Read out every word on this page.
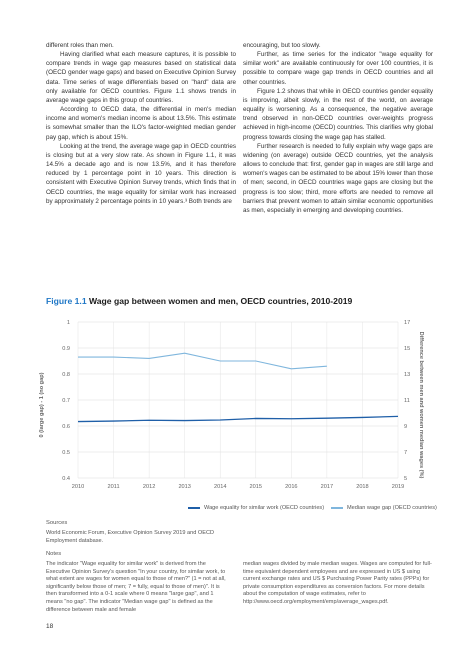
different roles than men.

Having clarified what each measure captures, it is possible to compare trends in wage gap measures based on statistical data (OECD gender wage gaps) and based on Executive Opinion Survey data. Time series of wage differentials based on "hard" data are only available for OECD countries. Figure 1.1 shows trends in average wage gaps in this group of countries.

According to OECD data, the differential in men's median income and women's median income is about 13.5%. This estimate is somewhat smaller than the ILO's factor-weighted median gender pay gap, which is about 15%.

Looking at the trend, the average wage gap in OECD countries is closing but at a very slow rate. As shown in Figure 1.1, it was 14.5% a decade ago and is now 13.5%, and it has therefore reduced by 1 percentage point in 10 years. This direction is consistent with Executive Opinion Survey trends, which finds that in OECD countries, the wage equality for similar work has increased by approximately 2 percentage points in 10 years.³ Both trends are

encouraging, but too slowly.

Further, as time series for the indicator "wage equality for similar work" are available continuously for over 100 countries, it is possible to compare wage gap trends in OECD countries and all other countries.

Figure 1.2 shows that while in OECD countries gender equality is improving, albeit slowly, in the rest of the world, on average equality is worsening. As a consequence, the negative average trend observed in non-OECD countries over-weights progress achieved in high-income (OECD) countries. This clarifies why global progress towards closing the wage gap has stalled.

Further research is needed to fully explain why wage gaps are widening (on average) outside OECD countries, yet the analysis allows to conclude that: first, gender gap in wages are still large and women's wages can be estimated to be about 15% lower than those of men; second, in OECD countries wage gaps are closing but the progress is too slow; third, more efforts are needed to remove all barriers that prevent women to attain similar economic opportunities as men, especially in emerging and developing countries.

Figure 1.1 Wage gap between women and men, OECD countries, 2010-2019

1	17
0.9	15
0.8	13
0.7	11
0.6	9
0.5	7
0.4	5
2010	2011	2012	2013	2014	2015	2016	2017	2018	2019
0 (large gap) - 1 (no gap)	Difference between men and women median wages (%)
Wage equality for similar work (OECD countries)	Median wage gap (OECD countries)

Sources

World Economic Forum, Executive Opinion Survey 2019 and OECD Employment database.

Notes

The indicator "Wage equality for similar work" is derived from the Executive Opinion Survey's question "In your country, for similar work, to what extent are wages for women equal to those of men?" (1 = not at all, significantly below those of men; 7 = fully, equal to those of men)". It is then transformed into a 0-1 scale where 0 means "large gap", and 1 means "no gap". The indicator "Median wage gap" is defined as the difference between male and female

median wages divided by male median wages. Wages are computed for full-time equivalent dependent employees and are expressed in US $ using current exchange rates and US $ Purchasing Power Parity rates (PPPs) for private consumption expenditures as conversion factors. For more details about the computation of wage estimates, refer to http://www.oecd.org/employment/emp/average_wages.pdf.

18
